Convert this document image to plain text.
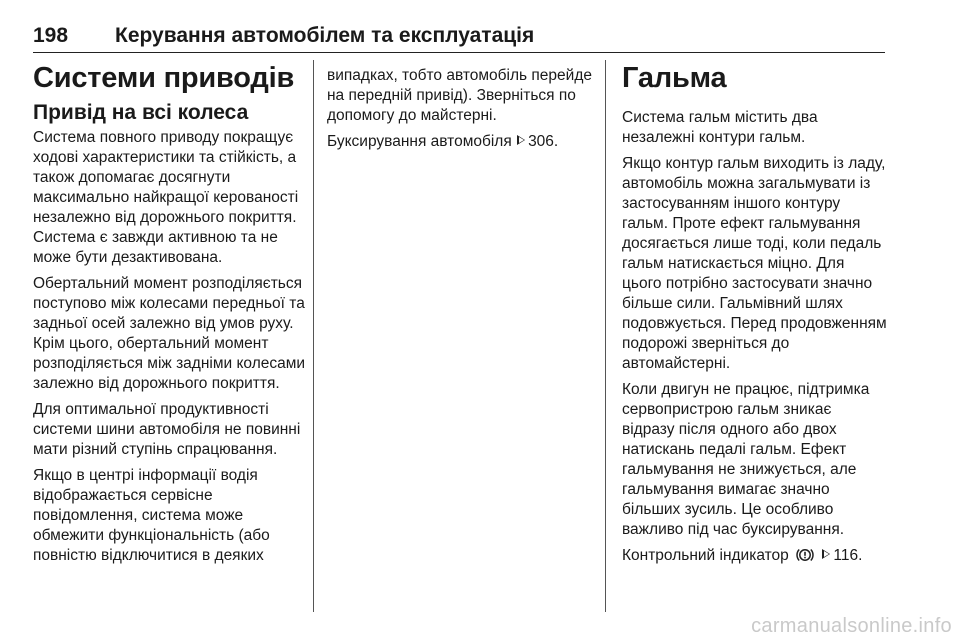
198 Керування автомобілем та експлуатація
Системи приводів
Привід на всі колеса

Система повного приводу покращує ходові характеристики та стійкість, а також допомагає досягнути максимально найкращої керованості незалежно від дорожнього покриття. Система є завжди активною та не може бути дезактивована.

Обертальний момент розподіляється поступово між колесами передньої та задньої осей залежно від умов руху. Крім цього, обертальний момент розподіляється між задніми колесами залежно від дорожнього покриття.

Для оптимальної продуктивності системи шини автомобіля не повинні мати різний ступінь спрацювання.

Якщо в центрі інформації водія відображається сервісне повідомлення, система може обмежити функціональність (або повністю відключитися в деяких

випадках, тобто автомобіль перейде на передній привід). Зверніться по допомогу до майстерні.

Буксирування автомобіля 306.

Гальма

Система гальм містить два незалежні контури гальм.

Якщо контур гальм виходить із ладу, автомобіль можна загальмувати із застосуванням іншого контуру гальм. Проте ефект гальмування досягається лише тоді, коли педаль гальм натискається міцно. Для цього потрібно застосувати значно більше сили. Гальмівний шлях подовжується. Перед продовженням подорожі зверніться до автомайстерні.

Коли двигун не працює, підтримка сервопристрою гальм зникає відразу після одного або двох натискань педалі гальм. Ефект гальмування не знижується, але гальмування вимагає значно більших зусиль. Це особливо важливо під час буксирування.

Контрольний індикатор	116.

carmanualsonline.info
